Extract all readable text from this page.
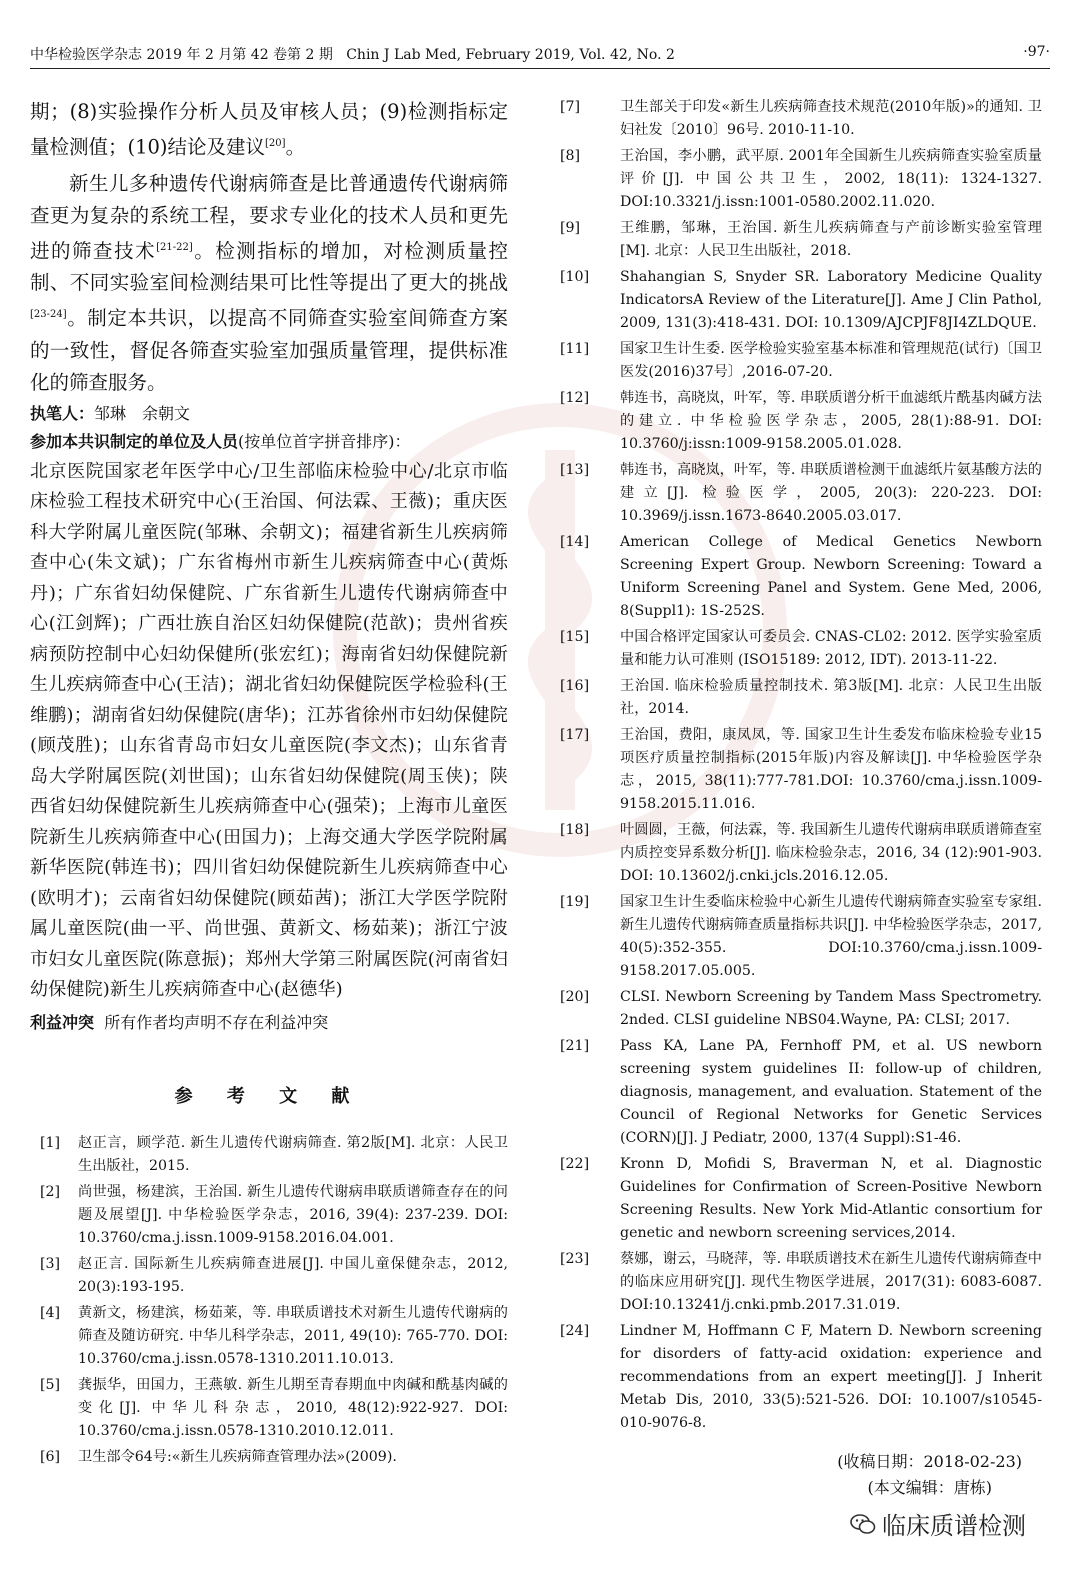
中华检验医学杂志 2019 年 2 月第 42 卷第 2 期 Chin J Lab Med, February 2019, Vol. 42, No. 2	·97·

期；(8)实验操作分析人员及审核人员；(9)检测指标定量检测值；(10)结论及建议[20]。

新生儿多种遗传代谢病筛查是比普通遗传代谢病筛查更为复杂的系统工程，要求专业化的技术人员和更先进的筛查技术[21-22]。检测指标的增加，对检测质量控制、不同实验室间检测结果可比性等提出了更大的挑战[23-24]。制定本共识，以提高不同筛查实验室间筛查方案的一致性，督促各筛查实验室加强质量管理，提供标准化的筛查服务。

执笔人：邹琳　余朝文

参加本共识制定的单位及人员(按单位首字拼音排序)：

北京医院国家老年医学中心/卫生部临床检验中心/北京市临床检验工程技术研究中心(王治国、何法霖、王薇)；重庆医科大学附属儿童医院(邹琳、余朝文)；福建省新生儿疾病筛查中心(朱文斌)；广东省梅州市新生儿疾病筛查中心(黄烁丹)；广东省妇幼保健院、广东省新生儿遗传代谢病筛查中心(江剑辉)；广西壮族自治区妇幼保健院(范歆)；贵州省疾病预防控制中心妇幼保健所(张宏红)；海南省妇幼保健院新生儿疾病筛查中心(王洁)；湖北省妇幼保健院医学检验科(王维鹏)；湖南省妇幼保健院(唐华)；江苏省徐州市妇幼保健院(顾茂胜)；山东省青岛市妇女儿童医院(李文杰)；山东省青岛大学附属医院(刘世国)；山东省妇幼保健院(周玉侠)；陕西省妇幼保健院新生儿疾病筛查中心(强荣)；上海市儿童医院新生儿疾病筛查中心(田国力)；上海交通大学医学院附属新华医院(韩连书)；四川省妇幼保健院新生儿疾病筛查中心(欧明才)；云南省妇幼保健院(顾茹茜)；浙江大学医学院附属儿童医院(曲一平、尚世强、黄新文、杨茹莱)；浙江宁波市妇女儿童医院(陈意振)；郑州大学第三附属医院(河南省妇幼保健院)新生儿疾病筛查中心(赵德华)

利益冲突 所有作者均声明不存在利益冲突

参 考 文 献
[1]	赵正言，顾学范. 新生儿遗传代谢病筛查. 第2版[M]. 北京：人民卫生出版社，2015.
[2]	尚世强，杨建滨，王治国. 新生儿遗传代谢病串联质谱筛查存在的问题及展望[J]. 中华检验医学杂志，2016, 39(4): 237-239. DOI: 10.3760/cma.j.issn.1009-9158.2016.04.001.
[3]	赵正言. 国际新生儿疾病筛查进展[J]. 中国儿童保健杂志，2012, 20(3):193-195.
[4]	黄新文，杨建滨，杨茹莱，等. 串联质谱技术对新生儿遗传代谢病的筛查及随访研究. 中华儿科学杂志，2011, 49(10): 765-770. DOI: 10.3760/cma.j.issn.0578-1310.2011.10.013.
[5]	龚振华，田国力，王燕敏. 新生儿期至青春期血中肉碱和酰基肉碱的变化[J]. 中华儿科杂志，2010, 48(12):922-927. DOI: 10.3760/cma.j.issn.0578-1310.2010.12.011.
[6]	卫生部令64号:«新生儿疾病筛查管理办法»(2009).
[7]	卫生部关于印发«新生儿疾病筛查技术规范(2010年版)»的通知. 卫妇社发〔2010〕96号. 2010-11-10.
[8]	王治国，李小鹏，武平原. 2001年全国新生儿疾病筛查实验室质量评价[J]. 中国公共卫生，2002, 18(11): 1324-1327. DOI:10.3321/j.issn:1001-0580.2002.11.020.
[9]	王维鹏，邹琳，王治国. 新生儿疾病筛查与产前诊断实验室管理[M]. 北京：人民卫生出版社，2018.
[10]	Shahangian S, Snyder SR. Laboratory Medicine Quality IndicatorsA Review of the Literature[J]. Ame J Clin Pathol, 2009, 131(3):418-431. DOI: 10.1309/AJCPJF8JI4ZLDQUE.
[11]	国家卫生计生委. 医学检验实验室基本标准和管理规范(试行)〔国卫医发(2016)37号〕,2016-07-20.
[12]	韩连书，高晓岚，叶军，等. 串联质谱分析干血滤纸片酰基肉碱方法的建立. 中华检验医学杂志，2005, 28(1):88-91. DOI: 10.3760/j:issn:1009-9158.2005.01.028.
[13]	韩连书，高晓岚，叶军，等. 串联质谱检测干血滤纸片氨基酸方法的建立[J]. 检验医学，2005, 20(3): 220-223. DOI: 10.3969/j.issn.1673-8640.2005.03.017.
[14]	American College of Medical Genetics Newborn Screening Expert Group. Newborn Screening: Toward a Uniform Screening Panel and System. Gene Med, 2006, 8(Suppl1): 1S-252S.
[15]	中国合格评定国家认可委员会. CNAS-CL02: 2012. 医学实验室质量和能力认可准则 (ISO15189: 2012, IDT). 2013-11-22.
[16]	王治国. 临床检验质量控制技术. 第3版[M]. 北京：人民卫生出版社，2014.
[17]	王治国，费阳，康凤凤，等. 国家卫生计生委发布临床检验专业15项医疗质量控制指标(2015年版)内容及解读[J]. 中华检验医学杂志，2015, 38(11):777-781.DOI: 10.3760/cma.j.issn.1009-9158.2015.11.016.
[18]	叶圆圆，王薇，何法霖，等. 我国新生儿遗传代谢病串联质谱筛查室内质控变异系数分析[J]. 临床检验杂志，2016, 34 (12):901-903. DOI: 10.13602/j.cnki.jcls.2016.12.05.
[19]	国家卫生计生委临床检验中心新生儿遗传代谢病筛查实验室专家组. 新生儿遗传代谢病筛查质量指标共识[J]. 中华检验医学杂志，2017, 40(5):352-355. DOI:10.3760/cma.j.issn.1009-9158.2017.05.005.
[20]	CLSI. Newborn Screening by Tandem Mass Spectrometry. 2nded. CLSI guideline NBS04.Wayne, PA: CLSI; 2017.
[21]	Pass KA, Lane PA, Fernhoff PM, et al. US newborn screening system guidelines II: follow-up of children, diagnosis, management, and evaluation. Statement of the Council of Regional Networks for Genetic Services (CORN)[J]. J Pediatr, 2000, 137(4 Suppl):S1-46.
[22]	Kronn D, Mofidi S, Braverman N, et al. Diagnostic Guidelines for Confirmation of Screen-Positive Newborn Screening Results. New York Mid-Atlantic consortium for genetic and newborn screening services,2014.
[23]	蔡娜，谢云，马晓萍，等. 串联质谱技术在新生儿遗传代谢病筛查中的临床应用研究[J]. 现代生物医学进展，2017(31): 6083-6087. DOI:10.13241/j.cnki.pmb.2017.31.019.
[24]	Lindner M, Hoffmann C F, Matern D. Newborn screening for disorders of fatty-acid oxidation: experience and recommendations from an expert meeting[J]. J Inherit Metab Dis, 2010, 33(5):521-526. DOI: 10.1007/s10545-010-9076-8.
(收稿日期：2018-02-23)
(本文编辑：唐栋)
临床质谱检测
